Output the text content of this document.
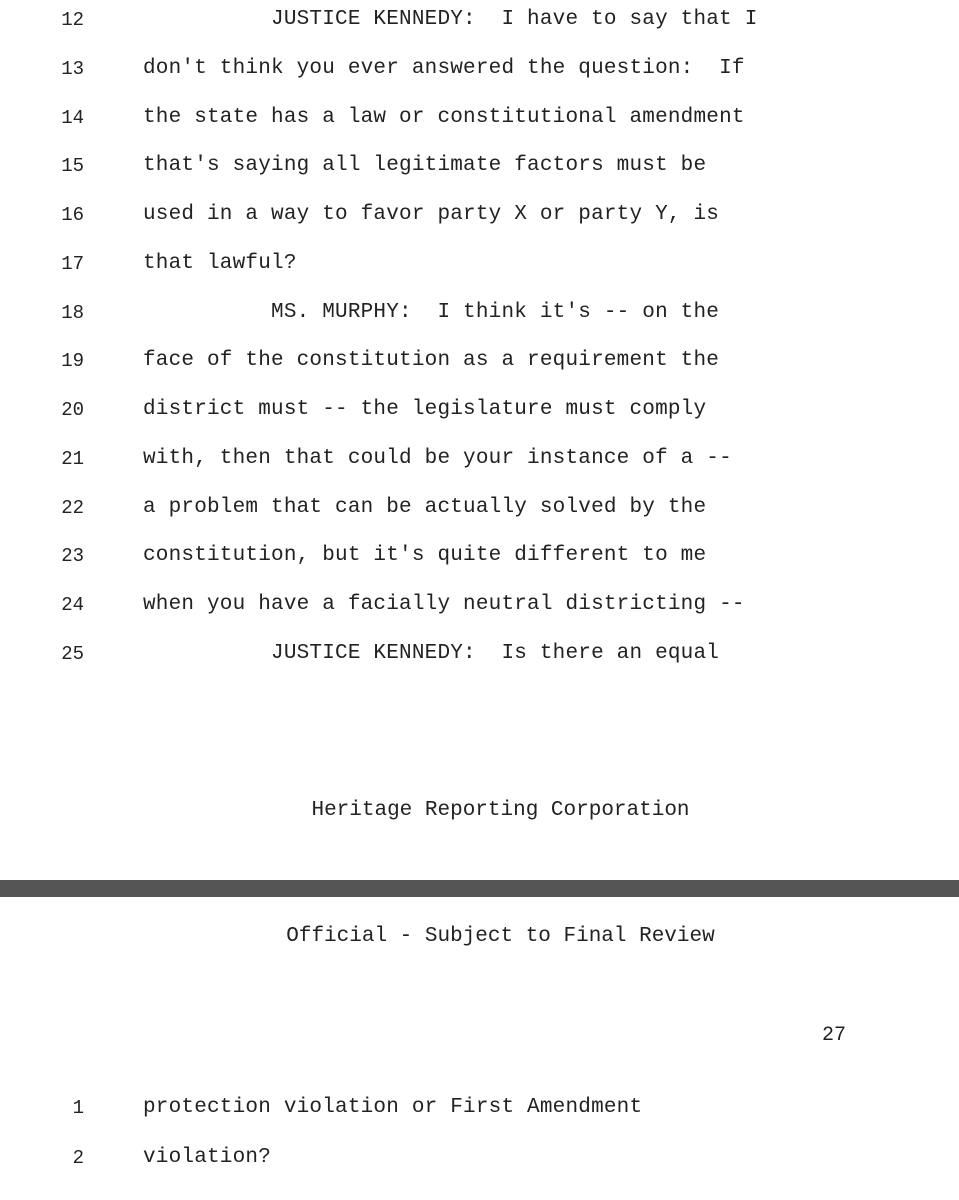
12	JUSTICE KENNEDY:  I have to say that I
13	don't think you ever answered the question:  If
14	the state has a law or constitutional amendment
15	that's saying all legitimate factors must be
16	used in a way to favor party X or party Y, is
17	that lawful?
18	MS. MURPHY:  I think it's -- on the
19	face of the constitution as a requirement the
20	district must -- the legislature must comply
21	with, then that could be your instance of a --
22	a problem that can be actually solved by the
23	constitution, but it's quite different to me
24	when you have a facially neutral districting --
25	JUSTICE KENNEDY:  Is there an equal
Heritage Reporting Corporation
Official - Subject to Final Review
27
1	protection violation or First Amendment
2	violation?
